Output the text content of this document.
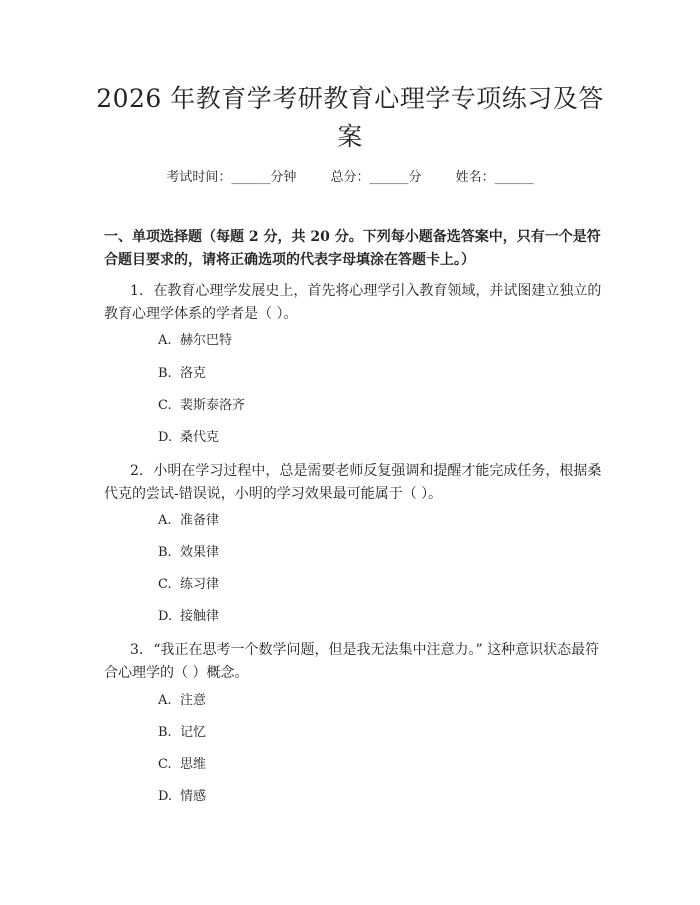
2026 年教育学考研教育心理学专项练习及答案
考试时间：______分钟	总分：______分	姓名：______

一、单项选择题（每题 2 分，共 20 分。下列每小题备选答案中，只有一个是符合题目要求的，请将正确选项的代表字母填涂在答题卡上。）

1. 在教育心理学发展史上，首先将心理学引入教育领域，并试图建立独立的教育心理学体系的学者是（ ）。

A. 赫尔巴特

B. 洛克

C. 裴斯泰洛齐

D. 桑代克

2. 小明在学习过程中，总是需要老师反复强调和提醒才能完成任务，根据桑代克的尝试-错误说，小明的学习效果最可能属于（ ）。

A. 准备律

B. 效果律

C. 练习律

D. 接触律

3. “我正在思考一个数学问题，但是我无法集中注意力。” 这种意识状态最符合心理学的（ ）概念。

A. 注意

B. 记忆

C. 思维

D. 情感
